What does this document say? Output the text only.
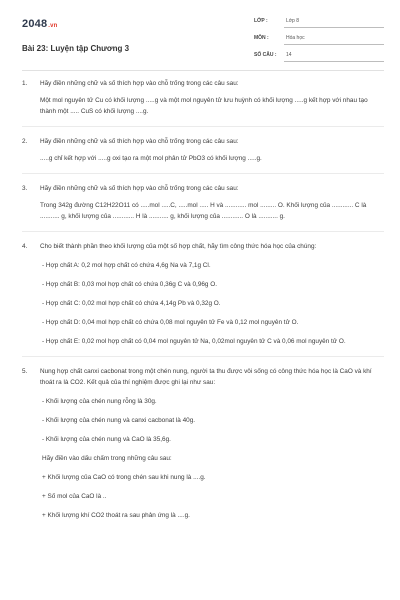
2048.vn
Bài 23: Luyện tập Chương 3
LỚP :	Lớp 8
MÔN :	Hóa học
SỐ CÂU :	14
1. Hãy điền những chữ và số thích hợp vào chỗ trống trong các câu sau:

Một mol nguyên tử Cu có khối lượng .....g và một mol nguyên tử lưu huỳnh có khối lượng .....g kết hợp với nhau tạo thành một ..... CuS có khối lượng ....g.

2. Hãy điền những chữ và số thích hợp vào chỗ trống trong các câu sau:

.....g chỉ kết hợp với .....g oxi tạo ra một mol phân tử PbO3 có khối lượng .....g.

3. Hãy điền những chữ và số thích hợp vào chỗ trống trong các câu sau:

Trong 342g đường C12H22O11 có .....mol .....C, .....mol ..... H và ............ mol ......... O. Khối lượng của ............ C là ........... g, khối lượng của ............ H là ........... g, khối lượng của ............ O là ........... g.

4. Cho biết thành phần theo khối lượng của một số hợp chất, hãy tìm công thức hóa học của chúng:

- Hợp chất A: 0,2 mol hợp chất có chứa 4,6g Na và 7,1g Cl.

- Hợp chất B: 0,03 mol hợp chất có chứa 0,36g C và 0,96g O.

- Hợp chất C: 0,02 mol hợp chất có chứa 4,14g Pb và 0,32g O.

- Hợp chất D: 0,04 mol hợp chất có chứa 0,08 mol nguyên tử Fe và 0,12 mol nguyên tử O.

- Hợp chất E: 0,02 mol hợp chất có 0,04 mol nguyên tử Na, 0,02mol nguyên tử C và 0,06 mol nguyên tử O.

5. Nung hợp chất canxi cacbonat trong một chén nung, người ta thu được vôi sống có công thức hóa học là CaO và khí thoát ra là CO2. Kết quả của thí nghiệm được ghi lại như sau:

- Khối lượng của chén nung rỗng là 30g.

- Khối lượng của chén nung và canxi cacbonat là 40g.

- Khối lượng của chén nung và CaO là 35,6g.

Hãy điền vào dấu chấm trong những câu sau:

+ Khối lượng của CaO có trong chén sau khi nung là ....g.

+ Số mol của CaO là ..

+ Khối lượng khí CO2 thoát ra sau phản ứng là ....g.
